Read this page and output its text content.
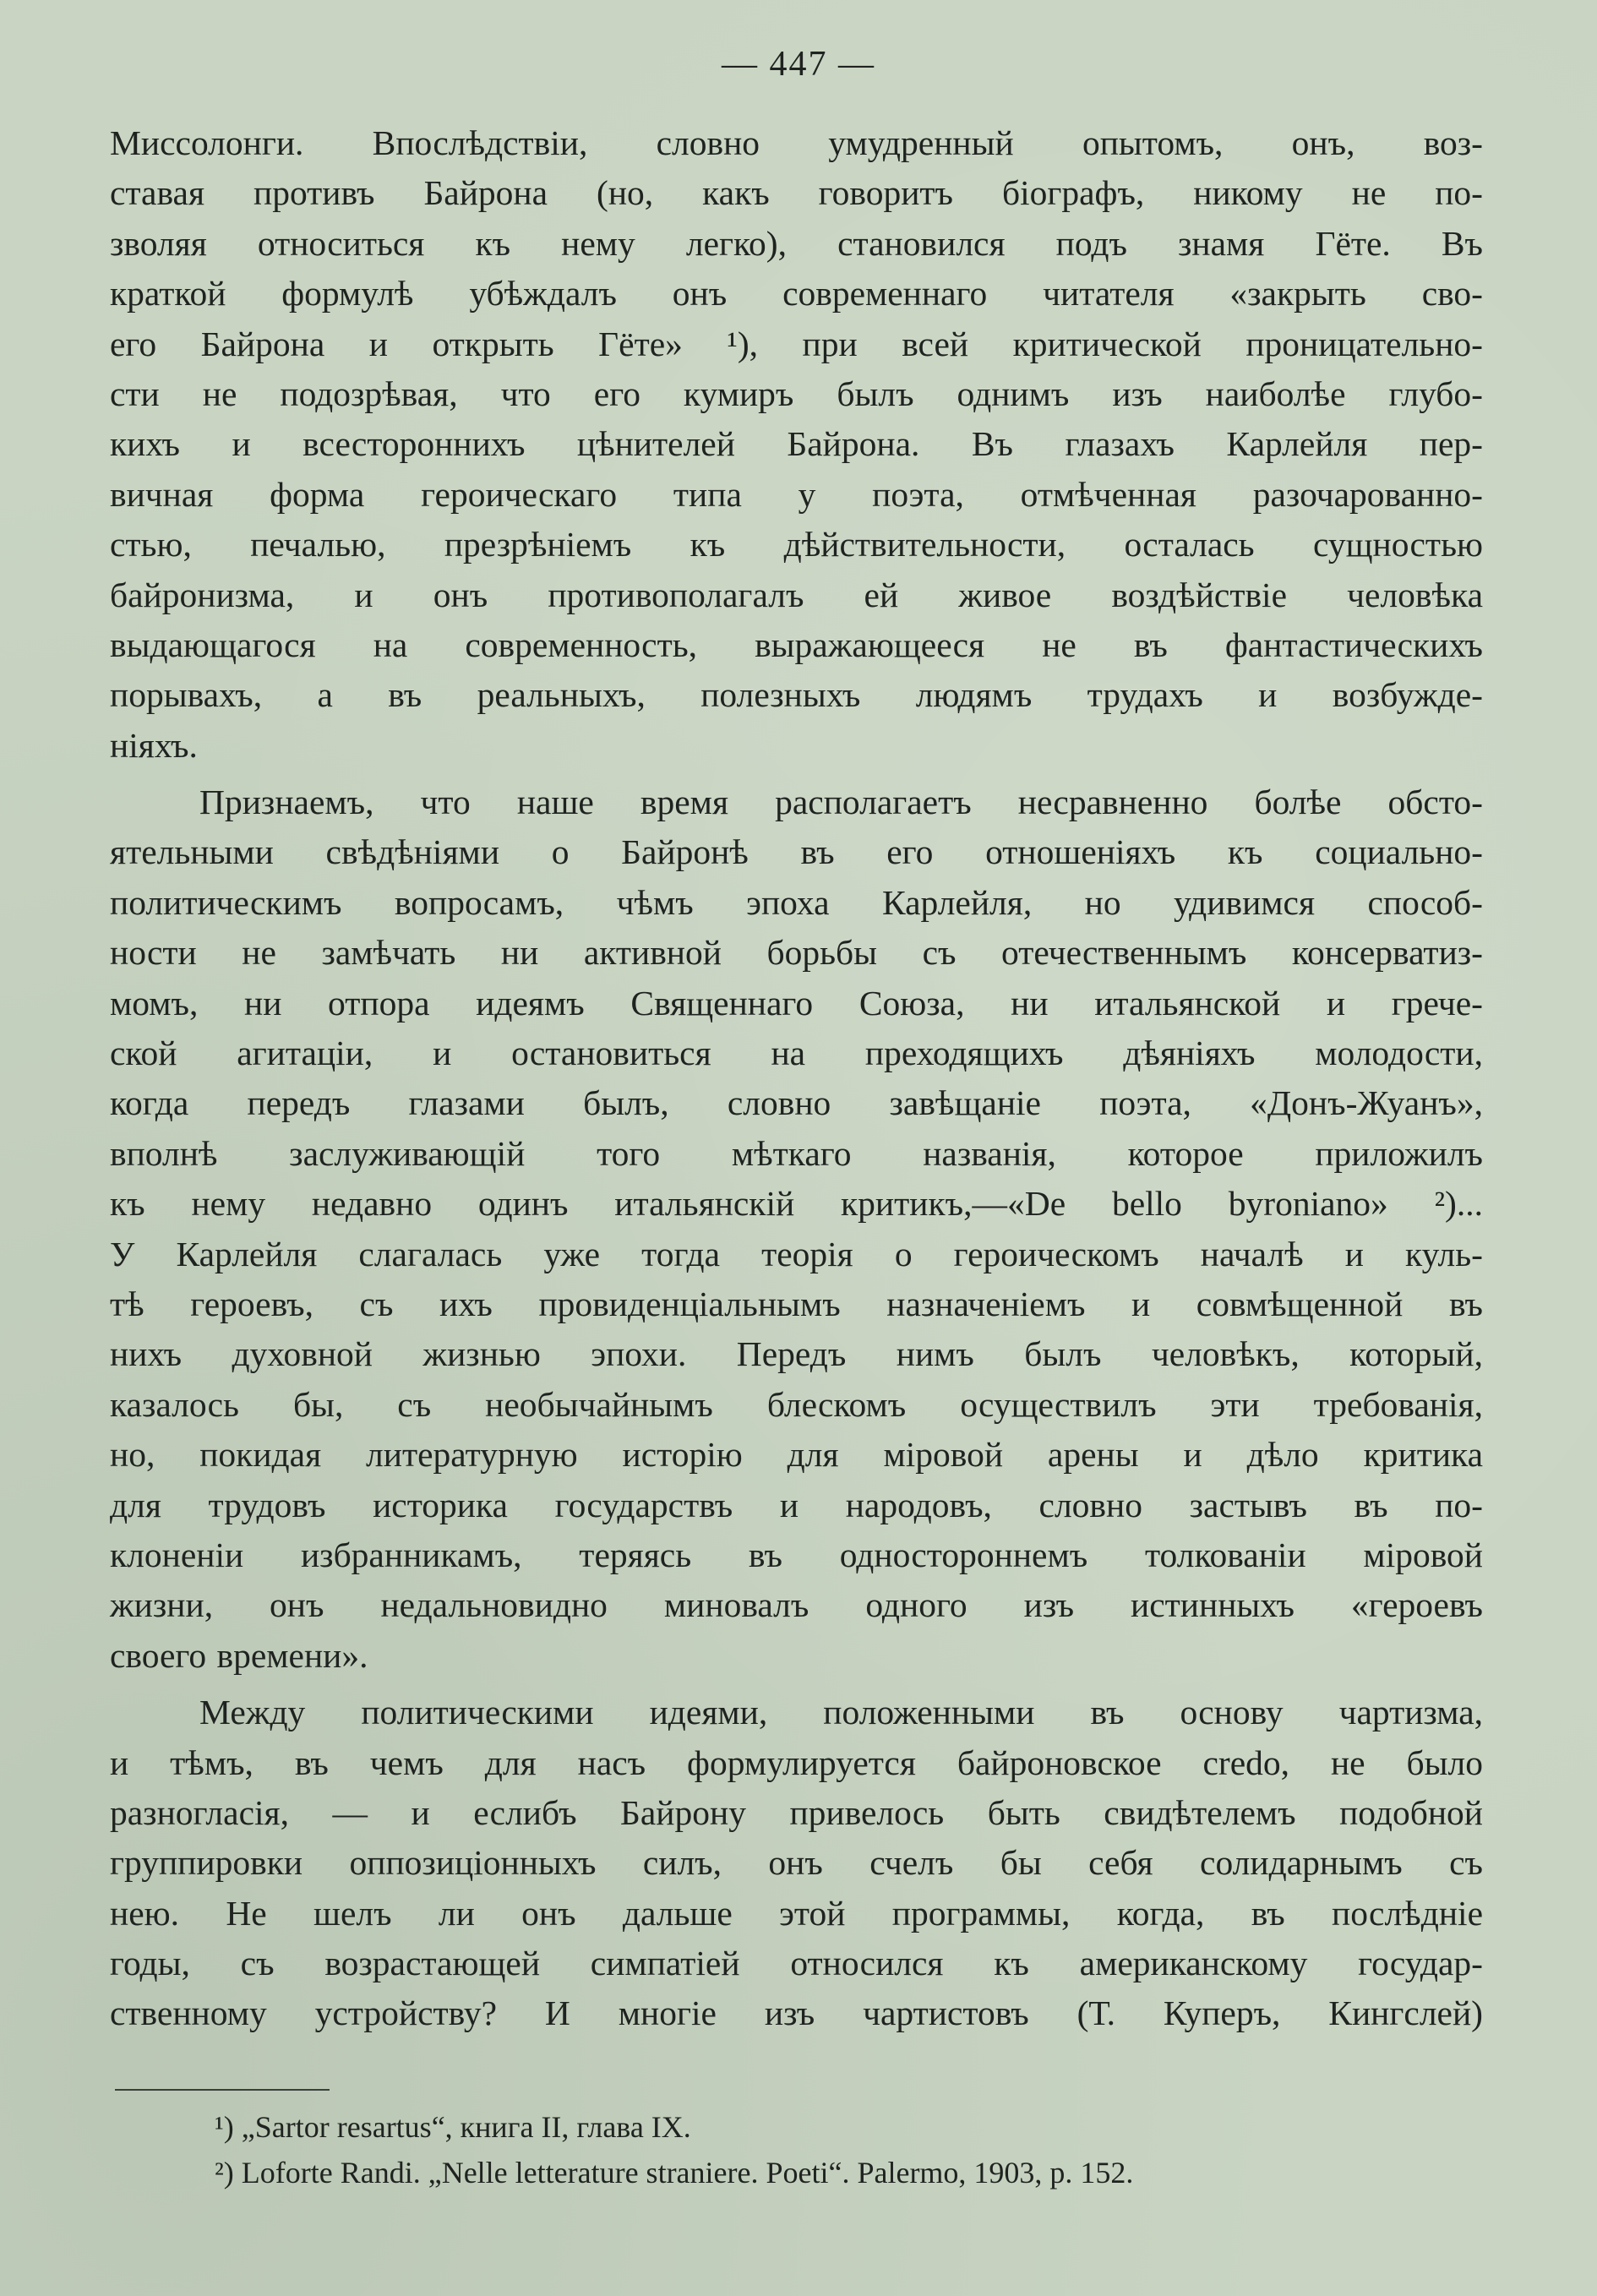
— 447 —
Миссолонги. Впослѣдствіи, словно умудренный опытомъ, онъ, воз-
ставая противъ Байрона (но, какъ говоритъ біографъ, никому не по-
зволяя относиться къ нему легко), становился подъ знамя Гёте. Въ
краткой формулѣ убѣждалъ онъ современнаго читателя «закрыть сво-
его Байрона и открыть Гёте» ¹), при всей критической проницательно-
сти не подозрѣвая, что его кумиръ былъ однимъ изъ наиболѣе глубо-
кихъ и всестороннихъ цѣнителей Байрона. Въ глазахъ Карлейля пер-
вичная форма героическаго типа у поэта, отмѣченная разочарованно-
стью, печалью, презрѣніемъ къ дѣйствительности, осталась сущностью
байронизма, и онъ противополагалъ ей живое воздѣйствіе человѣка
выдающагося на современность, выражающееся не въ фантастическихъ
порывахъ, а въ реальныхъ, полезныхъ людямъ трудахъ и возбужде-
ніяхъ.
Признаемъ, что наше время располагаетъ несравненно болѣе обсто-
ятельными свѣдѣніями о Байронѣ въ его отношеніяхъ къ социально-
политическимъ вопросамъ, чѣмъ эпоха Карлейля, но удивимся способ-
ности не замѣчать ни активной борьбы съ отечественнымъ консерватиз-
момъ, ни отпора идеямъ Священнаго Союза, ни итальянской и грече-
ской агитаціи, и остановиться на преходящихъ дѣяніяхъ молодости,
когда передъ глазами былъ, словно завѣщаніе поэта, «Донъ-Жуанъ»,
вполнѣ заслуживающій того мѣткаго названія, которое приложилъ
къ нему недавно одинъ итальянскій критикъ,—«De bello byroniano» ²)...
У Карлейля слагалась уже тогда теорія о героическомъ началѣ и куль-
тѣ героевъ, съ ихъ провиденціальнымъ назначеніемъ и совмѣщенной въ
нихъ духовной жизнью эпохи. Передъ нимъ былъ человѣкъ, который,
казалось бы, съ необычайнымъ блескомъ осуществилъ эти требованія,
но, покидая литературную исторію для міровой арены и дѣло критика
для трудовъ историка государствъ и народовъ, словно застывъ въ по-
клоненіи избранникамъ, теряясь въ одностороннемъ толкованіи міровой
жизни, онъ недальновидно миновалъ одного изъ истинныхъ «героевъ
своего времени».
Между политическими идеями, положенными въ основу чартизма,
и тѣмъ, въ чемъ для насъ формулируется байроновское credo, не было
разногласія, — и еслибъ Байрону привелось быть свидѣтелемъ подобной
группировки оппозиціонныхъ силъ, онъ счелъ бы себя солидарнымъ съ
нею. Не шелъ ли онъ дальше этой программы, когда, въ послѣдніе
годы, съ возрастающей симпатіей относился къ американскому государ-
ственному устройству? И многіе изъ чартистовъ (Т. Куперъ, Кингслей)
¹) „Sartor resartus“, книга II, глава IX.
²) Loforte Randi. „Nelle letterature straniere. Poeti“. Palermo, 1903, p. 152.
